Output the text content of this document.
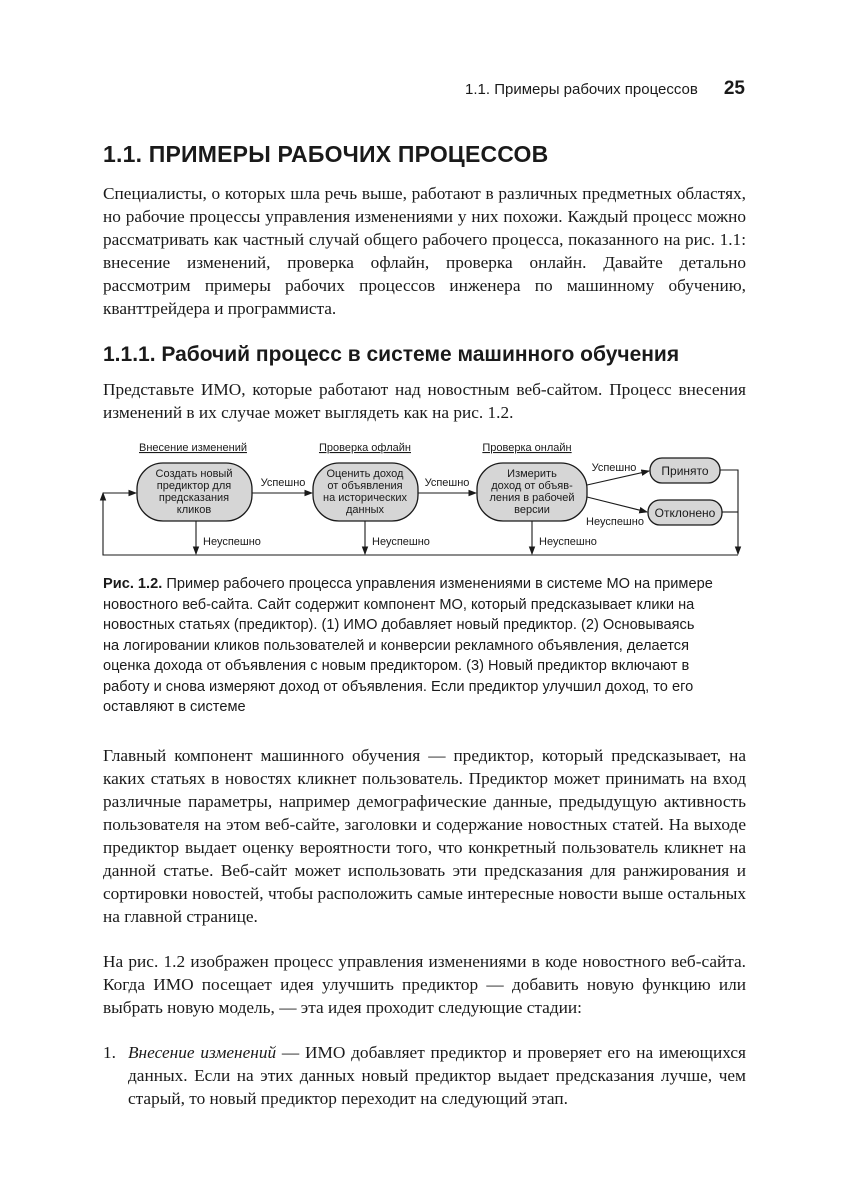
1.1. Примеры рабочих процессов 25
1.1. ПРИМЕРЫ РАБОЧИХ ПРОЦЕССОВ

Специалисты, о которых шла речь выше, работают в различных предметных областях, но рабочие процессы управления изменениями у них похожи. Каждый процесс можно рассматривать как частный случай общего рабочего процесса, показанного на рис. 1.1: внесение изменений, проверка офлайн, проверка онлайн. Давайте детально рассмотрим примеры рабочих процессов инженера по машинному обучению, кванттрейдера и программиста.

1.1.1. Рабочий процесс в системе машинного обучения

Представьте ИМО, которые работают над новостным веб-сайтом. Процесс внесения изменений в их случае может выглядеть как на рис. 1.2.

Внесение изменений	Проверка офлайн	Проверка онлайн
Создать новый
предиктор для
предсказания
кликов
Оценить доход
от объявления
на исторических
данных
Измерить
доход от объяв-
ления в рабочей
версии
Принято
Отклонено
Успешно	Успешно
Успешно
Неуспешно
Неуспешно	Неуспешно	Неуспешно

Рис. 1.2. Пример рабочего процесса управления изменениями в системе МО на примере новостного веб-сайта. Сайт содержит компонент МО, который предсказывает клики на новостных статьях (предиктор). (1) ИМО добавляет новый предиктор. (2) Основываясь на логировании кликов пользователей и конверсии рекламного объявления, делается оценка дохода от объявления с новым предиктором. (3) Новый предиктор включают в работу и снова измеряют доход от объявления. Если предиктор улучшил доход, то его оставляют в системе

Главный компонент машинного обучения — предиктор, который предсказывает, на каких статьях в новостях кликнет пользователь. Предиктор может принимать на вход различные параметры, например демографические данные, предыдущую активность пользователя на этом веб-сайте, заголовки и содержание новостных статей. На выходе предиктор выдает оценку вероятности того, что конкретный пользователь кликнет на данной статье. Веб-сайт может использовать эти предсказания для ранжирования и сортировки новостей, чтобы расположить самые интересные новости выше остальных на главной странице.

На рис. 1.2 изображен процесс управления изменениями в коде новостного веб-сайта. Когда ИМО посещает идея улучшить предиктор — добавить новую функцию или выбрать новую модель, — эта идея проходит следующие стадии:

1. Внесение изменений — ИМО добавляет предиктор и проверяет его на имеющихся данных. Если на этих данных новый предиктор выдает предсказания лучше, чем старый, то новый предиктор переходит на следующий этап.
